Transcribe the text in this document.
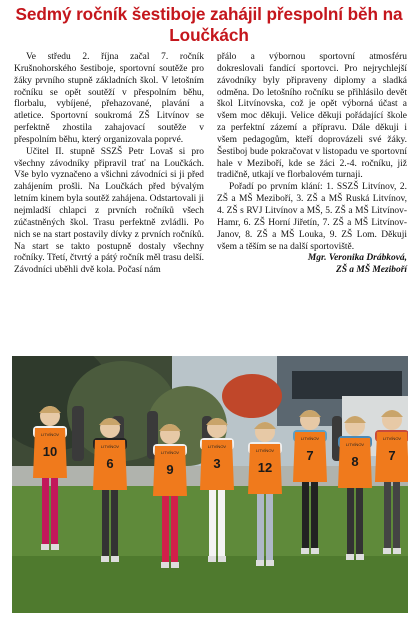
Sedmý ročník šestiboje zahájil přespolní běh na Loučkách

Ve středu 2. října začal 7. ročník Krušnohorského šestiboje, sportovní soutěže pro žáky prvního stupně základních škol. V letošním ročníku se opět soutěží v přespolním běhu, florbalu, vybíjené, přehazované, plavání a atletice. Sportovní soukromá ZŠ Litvínov se perfektně zhostila zahajovací soutěže v přespolním běhu, který organizovala poprvé.

Učitel II. stupně SSZŠ Petr Lovaš si pro všechny závodníky připravil trať na Loučkách. Vše bylo vyznačeno a všichni závodníci si ji před zahájením prošli. Na Loučkách před bývalým letním kinem byla soutěž zahájena. Odstartovali ji nejmladší chlapci z prvních ročníků všech zúčastněných škol. Trasu perfektně zvládli. Po nich se na start postavily dívky z prvních ročníků. Na start se takto postupně dostaly všechny ročníky. Třetí, čtvrtý a pátý ročník měl trasu delší. Závodníci uběhli dvě kola. Počasí nám

přálo a výbornou sportovní atmosféru dokreslovali fandící sportovci. Pro nejrychlejší závodníky byly připraveny diplomy a sladká odměna. Do letošního ročníku se přihlásilo devět škol Litvínovska, což je opět výborná účast a všem moc děkuji. Velice děkuji pořádající škole za perfektní zázemí a přípravu. Dále děkuji i všem pedagogům, kteří doprovázeli své žáky. Šestiboj bude pokračovat v listopadu ve sportovní hale v Meziboří, kde se žáci 2.-4. ročníku, již tradičně, utkají ve florbalovém turnaji.

Pořadí po prvním klání: 1. SSZŠ Litvínov, 2. ZŠ a MŠ Meziboří, 3. ZŠ a MŠ Ruská Litvínov, 4. ZŠ s RVJ Litvínov a MŠ, 5. ZŠ a MŠ Litvínov-Hamr, 6. ZŠ Horní Jiřetín, 7. ZŠ a MŠ Litvínov-Janov, 8. ZŠ a MŠ Louka, 9. ZŠ Lom. Děkuji všem a těším se na další sportoviště.

Mgr. Veronika Drábková,

ZŠ a MŠ Meziboří

LITVÍNOV
10	LITVÍNOV
6
LITVÍNOV
9
LITVÍNOV
3
LITVÍNOV
12
LITVÍNOV
7
LITVÍNOV
8
LITVÍNOV
7
